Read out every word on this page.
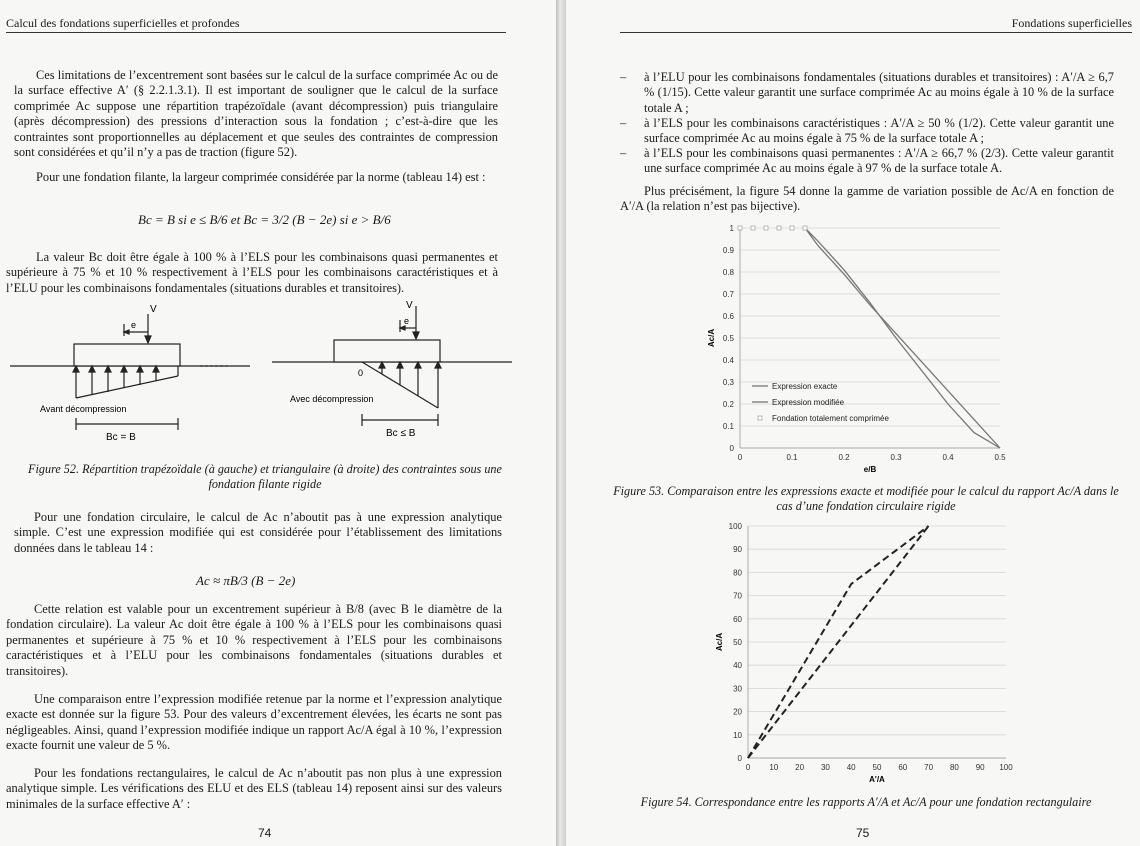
Calcul des fondations superficielles et profondes

Ces limitations de l’excentrement sont basées sur le calcul de la surface comprimée Ac ou de la surface effective A′ (§ 2.2.1.3.1). Il est important de souligner que le calcul de la surface comprimée Ac suppose une répartition trapézoïdale (avant décompression) puis triangulaire (après décompression) des pressions d’interaction sous la fondation ; c’est-à-dire que les contraintes sont proportionnelles au déplacement et que seules des contraintes de compression sont considérées et qu’il n’y a pas de traction (figure 52).

Pour une fondation filante, la largeur comprimée considérée par la norme (tableau 14) est :

Bc = B si e ≤ B/6 et Bc = 3/2 (B − 2e) si e > B/6

La valeur Bc doit être égale à 100 % à l’ELS pour les combinaisons quasi permanentes et supérieure à 75 % et 10 % respectivement à l’ELS pour les combinaisons caractéristiques et à l’ELU pour les combinaisons fondamentales (situations durables et transitoires).

V
e
Avant décompression
Bc = B
V
e
0
Avec décompression
Bc ≤ B
Figure 52. Répartition trapézoïdale (à gauche) et triangulaire (à droite) des contraintes sous une fondation filante rigide

Pour une fondation circulaire, le calcul de Ac n’aboutit pas à une expression analytique simple. C’est une expression modifiée qui est considérée pour l’établissement des limitations données dans le tableau 14 :

Ac ≈ πB/3 (B − 2e)

Cette relation est valable pour un excentrement supérieur à B/8 (avec B le diamètre de la fondation circulaire). La valeur Ac doit être égale à 100 % à l’ELS pour les combinaisons quasi permanentes et supérieure à 75 % et 10 % respectivement à l’ELS pour les combinaisons caractéristiques et à l’ELU pour les combinaisons fondamentales (situations durables et transitoires).

Une comparaison entre l’expression modifiée retenue par la norme et l’expression analytique exacte est donnée sur la figure 53. Pour des valeurs d’excentrement élevées, les écarts ne sont pas négligeables. Ainsi, quand l’expression modifiée indique un rapport Ac/A égal à 10 %, l’expression exacte fournit une valeur de 5 %.

Pour les fondations rectangulaires, le calcul de Ac n’aboutit pas non plus à une expression analytique simple. Les vérifications des ELU et des ELS (tableau 14) reposent ainsi sur des valeurs minimales de la surface effective A′ :

74
Fondations superficielles
– à l’ELU pour les combinaisons fondamentales (situations durables et transitoires) : A′/A ≥ 6,7 % (1/15). Cette valeur garantit une surface comprimée Ac au moins égale à 10 % de la surface totale A ;
– à l’ELS pour les combinaisons caractéristiques : A′/A ≥ 50 % (1/2). Cette valeur garantit une surface comprimée Ac au moins égale à 75 % de la surface totale A ;
– à l’ELS pour les combinaisons quasi permanentes : A′/A ≥ 66,7 % (2/3). Cette valeur garantit une surface comprimée Ac au moins égale à 97 % de la surface totale A.

Plus précisément, la figure 54 donne la gamme de variation possible de Ac/A en fonction de A′/A (la relation n’est pas bijective).

0
0.1
0.2
0.3
0.4
0.5
0.6
0.7
0.8
0.9
1
0	0.1	0.2	0.3	0.4	0.5
e/B
Ac/A
Expression exacte
Expression modifiée
Fondation totalement comprimée
Figure 53. Comparaison entre les expressions exacte et modifiée pour le calcul du rapport Ac/A dans le cas d’une fondation circulaire rigide
0
10
20
30
40
50
60
70
80
90
100
0 10 20 30 40 50 60 70 80 90 100
A'/A
Ac/A
Figure 54. Correspondance entre les rapports A′/A et Ac/A pour une fondation rectangulaire
75
